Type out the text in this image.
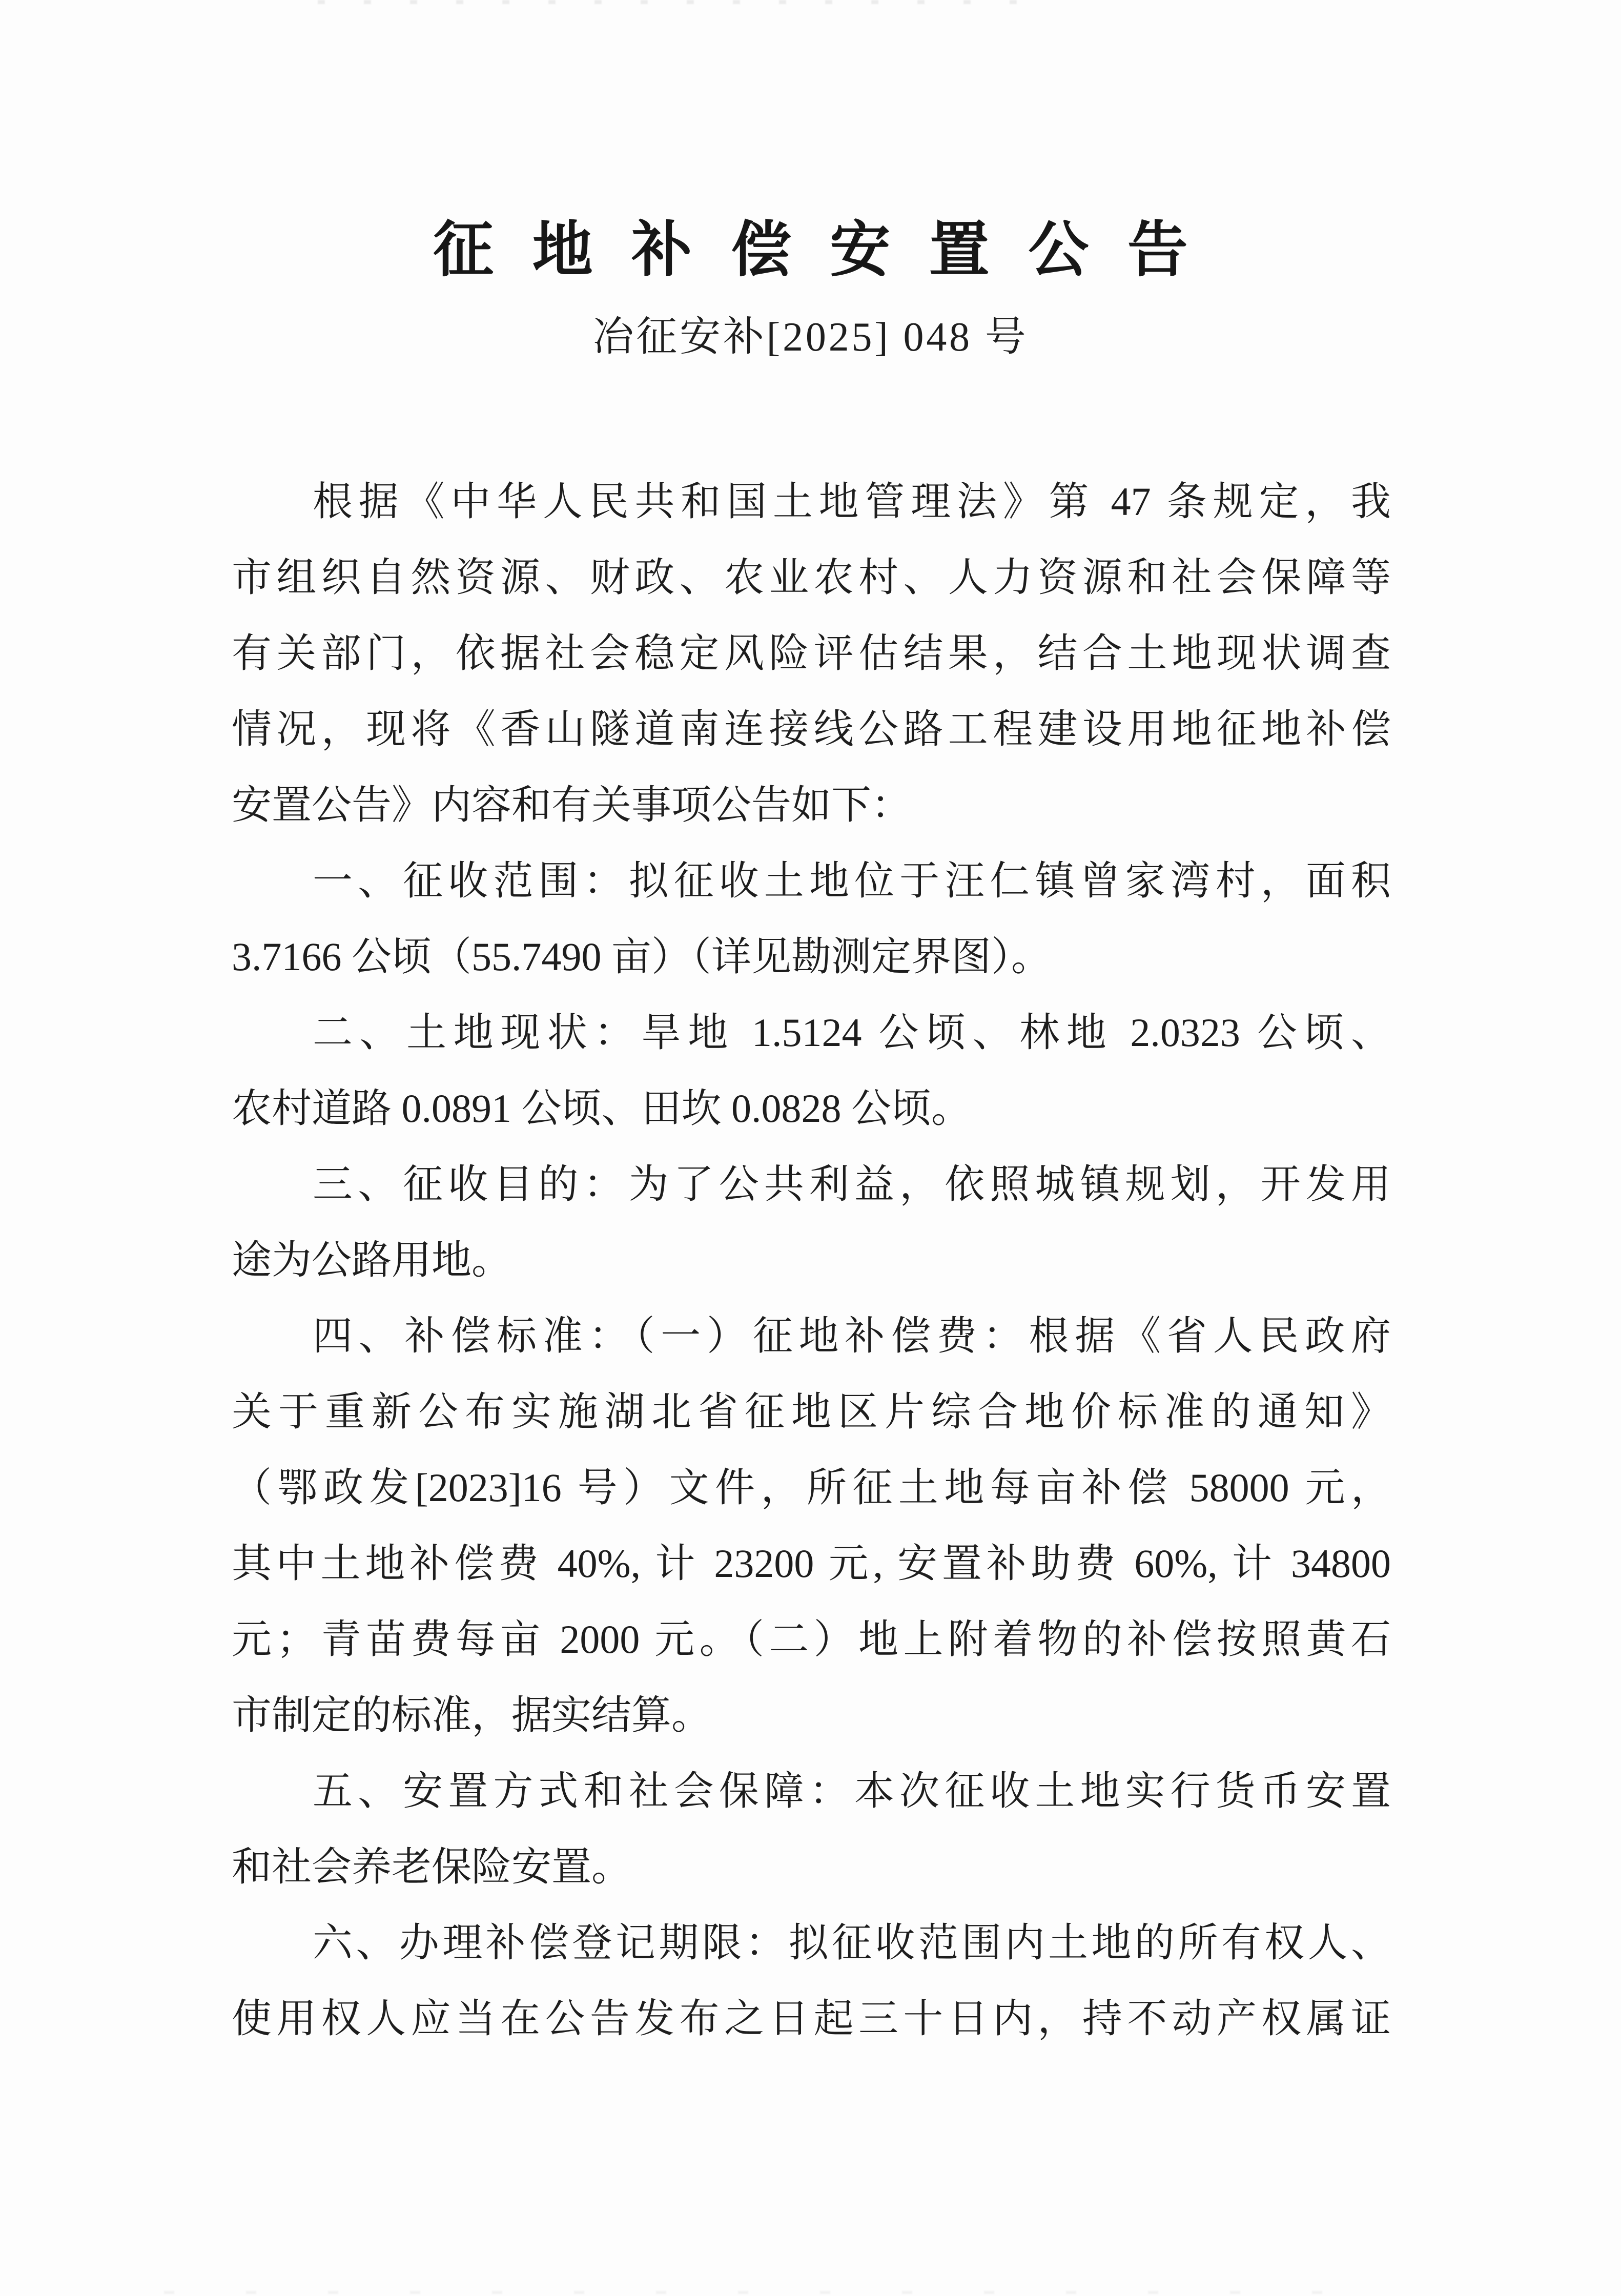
征地补偿安置公告
冶征安补[2025] 048 号

根据《中华人民共和国土地管理法》第 47 条规定，我

市组织自然资源、财政、农业农村、人力资源和社会保障等

有关部门，依据社会稳定风险评估结果，结合土地现状调查

情况，现将《香山隧道南连接线公路工程建设用地征地补偿

安置公告》内容和有关事项公告如下：

一、征收范围：拟征收土地位于汪仁镇曾家湾村，面积

3.7166 公顷（55.7490 亩）（详见勘测定界图）。

二、土地现状：旱地 1.5124 公顷、林地 2.0323 公顷、

农村道路 0.0891 公顷、田坎 0.0828 公顷。

三、征收目的：为了公共利益，依照城镇规划，开发用

途为公路用地。

四、补偿标准：（一）征地补偿费：根据《省人民政府

关于重新公布实施湖北省征地区片综合地价标准的通知》

（鄂政发[2023]16 号）文件，所征土地每亩补偿 58000 元，

其中土地补偿费 40%, 计 23200 元, 安置补助费 60%, 计 34800

元；青苗费每亩 2000 元。（二）地上附着物的补偿按照黄石

市制定的标准，据实结算。

五、安置方式和社会保障：本次征收土地实行货币安置

和社会养老保险安置。

六、办理补偿登记期限：拟征收范围内土地的所有权人、

使用权人应当在公告发布之日起三十日内，持不动产权属证
